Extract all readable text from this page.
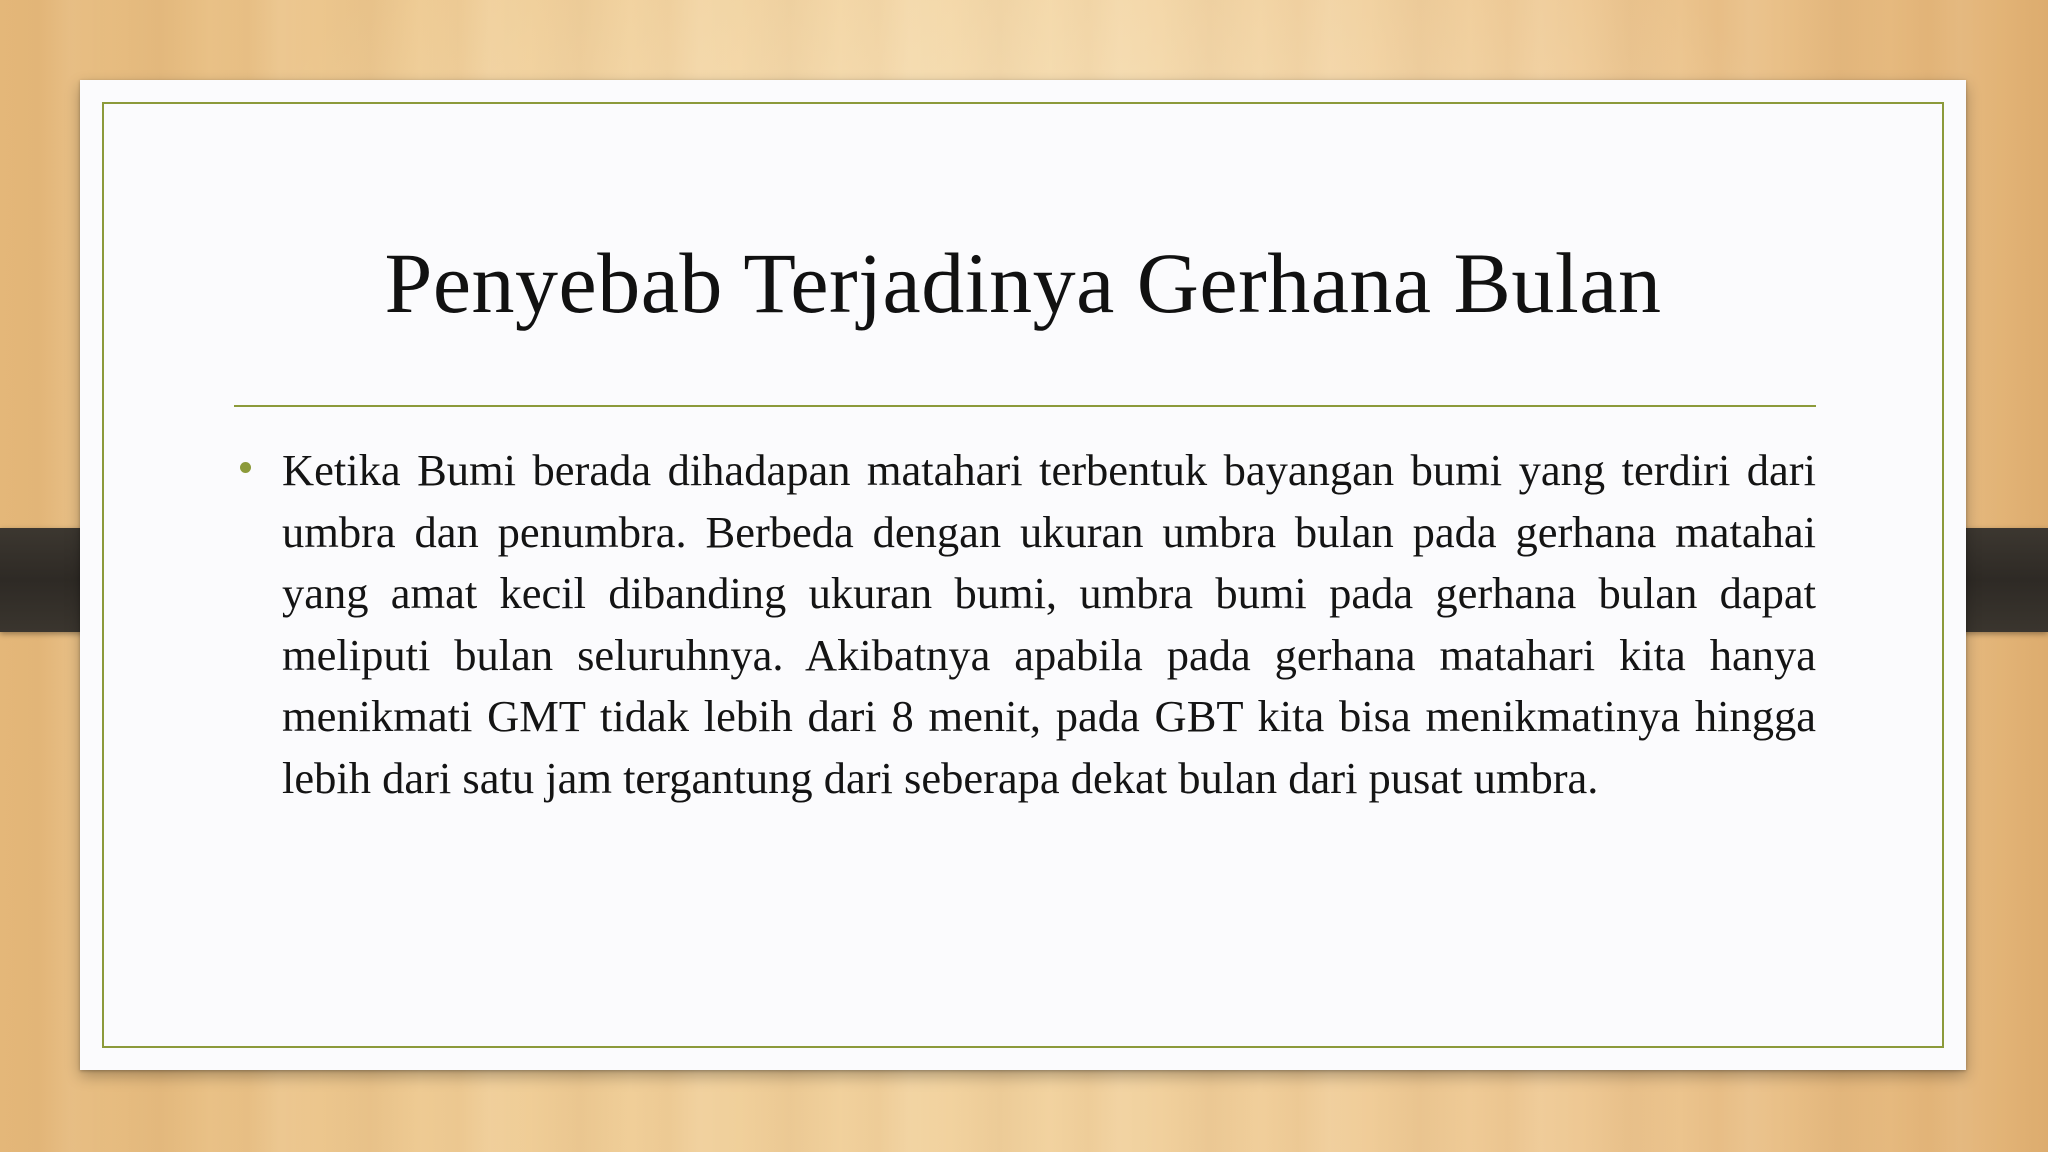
Penyebab Terjadinya Gerhana Bulan
Ketika Bumi berada dihadapan matahari terbentuk bayangan bumi yang terdiri dari umbra dan penumbra. Berbeda dengan ukuran umbra bulan pada gerhana matahai yang amat kecil dibanding ukuran bumi, umbra bumi pada gerhana bulan dapat meliputi bulan seluruhnya. Akibatnya apabila pada gerhana matahari kita hanya menikmati GMT tidak lebih dari 8 menit, pada GBT kita bisa menikmatinya hingga lebih dari satu jam tergantung dari seberapa dekat bulan dari pusat umbra.
